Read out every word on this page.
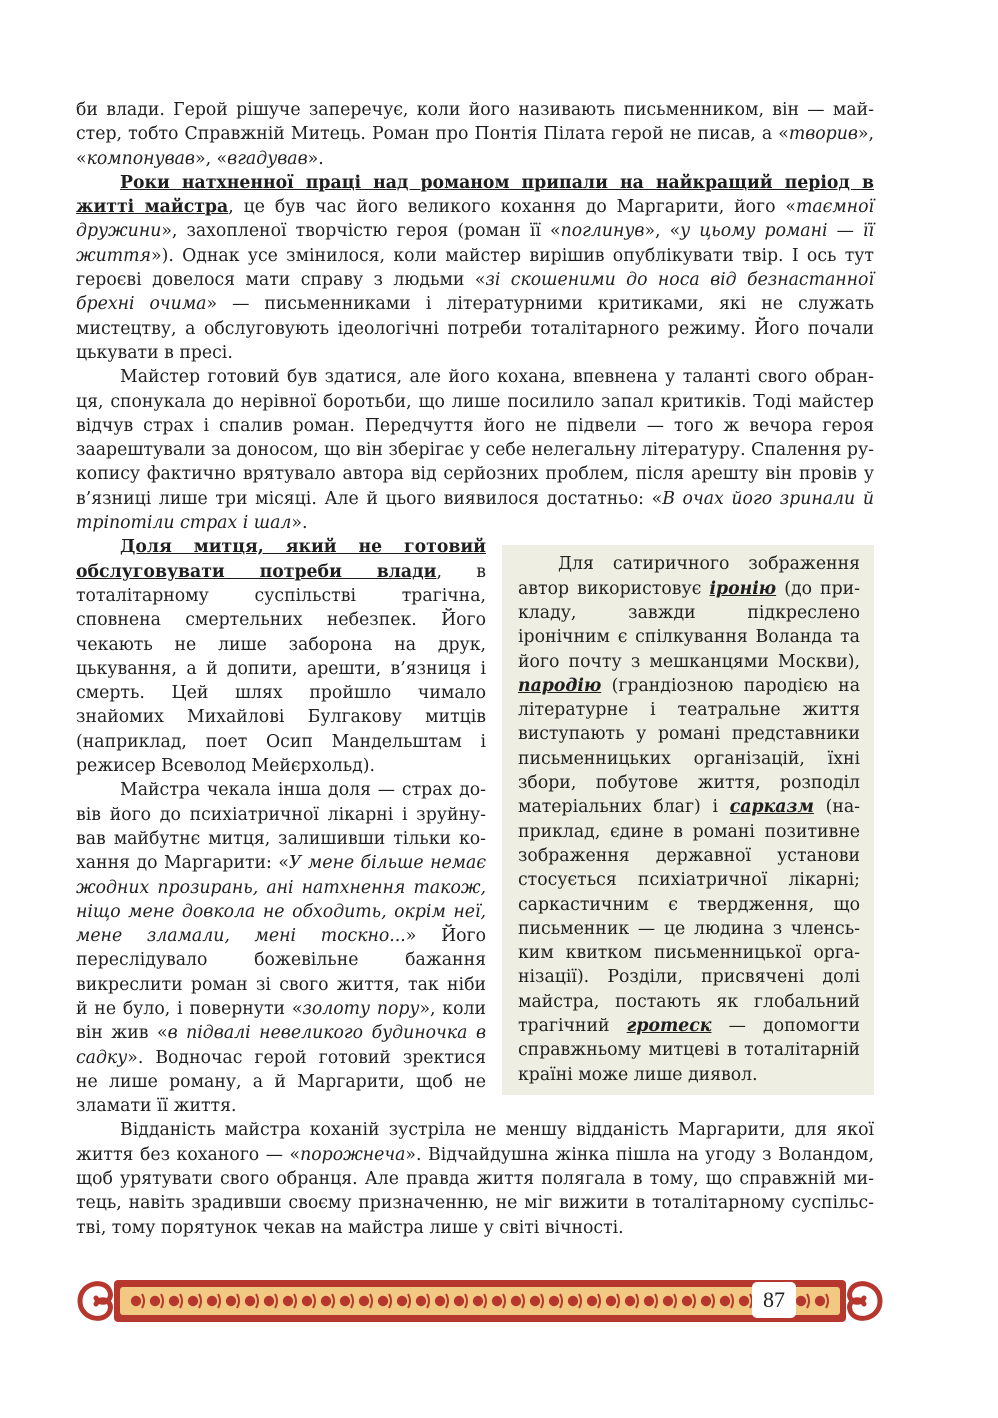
би влади. Герой рішуче заперечує, коли його називають письменником, він — майстер, тобто Справжній Митець. Роман про Понтія Пілата герой не писав, а «творив», «компонував», «вгадував».

Роки натхненної праці над романом припали на найкращий період в житті майстра, це був час його великого кохання до Маргарити, його «таємної дружини», захопленої творчістю героя (роман її «поглинув», «у цьому романі — її життя»). Однак усе змінилося, коли майстер вирішив опублікувати твір. І ось тут героєві довелося мати справу з людьми «зі скошеними до носа від безнастанної брехні очима» — письменниками і літературними критиками, які не служать мистецтву, а обслуговують ідеологічні потреби тоталітарного режиму. Його почали цькувати в пресі.

Майстер готовий був здатися, але його кохана, впевнена у таланті свого обранця, спонукала до нерівної боротьби, що лише посилило запал критиків. Тоді майстер відчув страх і спалив роман. Передчуття його не підвели — того ж вечора героя заарештували за доносом, що він зберігає у себе нелегальну літературу. Спалення рукопису фактично врятувало автора від серйозних проблем, після арешту він провів у в’язниці лише три місяці. Але й цього виявилося достатньо: «В очах його зринали й тріпотіли страх і шал».

Для сатиричного зображення автор використовує іронію (до прикладу, завжди підкреслено іронічним є спілкування Воланда та його почту з мешканцями Москви), пародію (грандіозною пародією на літературне і театральне життя виступають у романі представники письменницьких організацій, їхні збори, побутове життя, розподіл матеріальних благ) і сарказм (наприклад, єдине в романі позитивне зображення державної установи стосується психіатричної лікарні; саркастичним є твердження, що письменник — це людина з членським квитком письменницької організації). Розділи, присвячені долі майстра, постають як глобальний трагічний гротеск — допомогти справжньому митцеві в тоталітарній країні може лише диявол.

Доля митця, який не готовий обслуговувати потреби влади, в тоталітарному суспільстві трагічна, сповнена смертельних небезпек. Його чекають не лише заборона на друк, цькування, а й допити, арешти, в’язниця і смерть. Цей шлях пройшло чимало знайомих Михайлові Булгакову митців (наприклад, поет Осип Мандельштам і режисер Всеволод Мейєрхольд).

Майстра чекала інша доля — страх довів його до психіатричної лікарні і зруйнував майбутнє митця, залишивши тільки кохання до Маргарити: «У мене більше немає жодних прозирань, ані натхнення також, ніщо мене довкола не обходить, окрім неї, мене зламали, мені тоскно...» Його переслідувало божевільне бажання викреслити роман зі свого життя, так ніби й не було, і повернути «золоту пору», коли він жив «в підвалі невеликого будиночка в садку». Водночас герой готовий зректися не лише роману, а й Маргарити, щоб не зламати її життя.

Відданість майстра коханій зустріла не меншу відданість Маргарити, для якої життя без коханого — «порожнеча». Відчайдушна жінка пішла на угоду з Воландом, щоб урятувати свого обранця. Але правда життя полягала в тому, що справжній митець, навіть зрадивши своєму призначенню, не міг вижити в тоталітарному суспільстві, тому порятунок чекав на майстра лише у світі вічності.

87
